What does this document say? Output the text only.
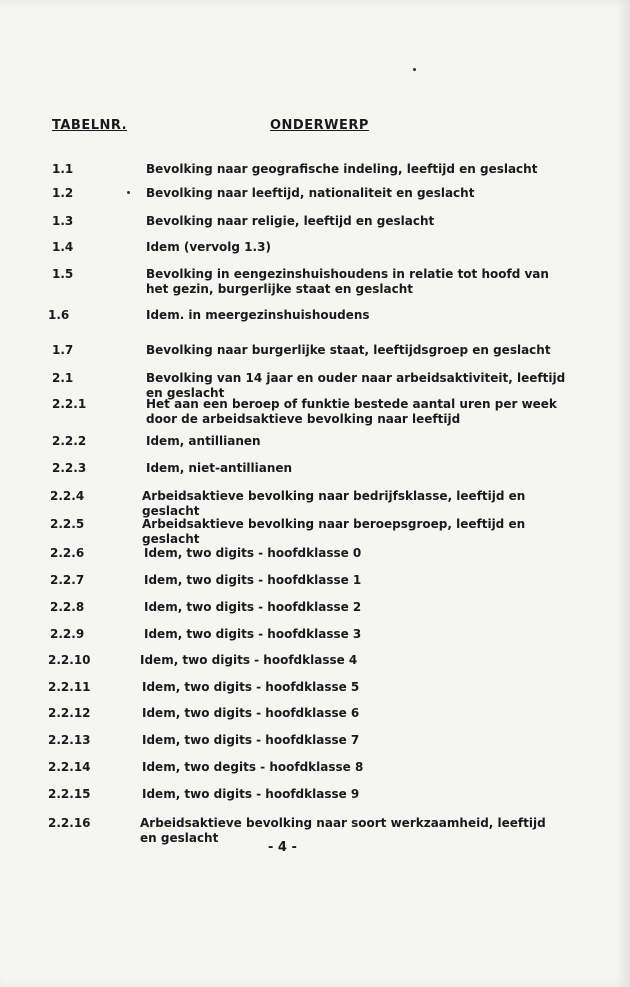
TABELNR.	ONDERWERP
1.1	Bevolking naar geografische indeling, leeftijd en geslacht
1.2	Bevolking naar leeftijd, nationaliteit en geslacht
1.3	Bevolking naar religie, leeftijd en geslacht
1.4	Idem (vervolg 1.3)
1.5	Bevolking in eengezinshuishoudens in relatie tot hoofd van het gezin, burgerlijke staat en geslacht
1.6	Idem. in meergezinshuishoudens
1.7	Bevolking naar burgerlijke staat, leeftijdsgroep en geslacht
2.1	Bevolking van 14 jaar en ouder naar arbeidsaktiviteit, leeftijd en geslacht
2.2.1	Het aan een beroep of funktie bestede aantal uren per week door de arbeidsaktieve bevolking naar leeftijd
2.2.2	Idem, antillianen
2.2.3	Idem, niet-antillianen
2.2.4	Arbeidsaktieve bevolking naar bedrijfsklasse, leeftijd en geslacht
2.2.5	Arbeidsaktieve bevolking naar beroepsgroep, leeftijd en geslacht
2.2.6	Idem, two digits - hoofdklasse 0
2.2.7	Idem, two digits - hoofdklasse 1
2.2.8	Idem, two digits - hoofdklasse 2
2.2.9	Idem, two digits - hoofdklasse 3
2.2.10	Idem, two digits - hoofdklasse 4
2.2.11	Idem, two digits - hoofdklasse 5
2.2.12	Idem, two digits - hoofdklasse 6
2.2.13	Idem, two digits - hoofdklasse 7
2.2.14	Idem, two degits - hoofdklasse 8
2.2.15	Idem, two digits - hoofdklasse 9
2.2.16	Arbeidsaktieve bevolking naar soort werkzaamheid, leeftijd en geslacht
- 4 -
